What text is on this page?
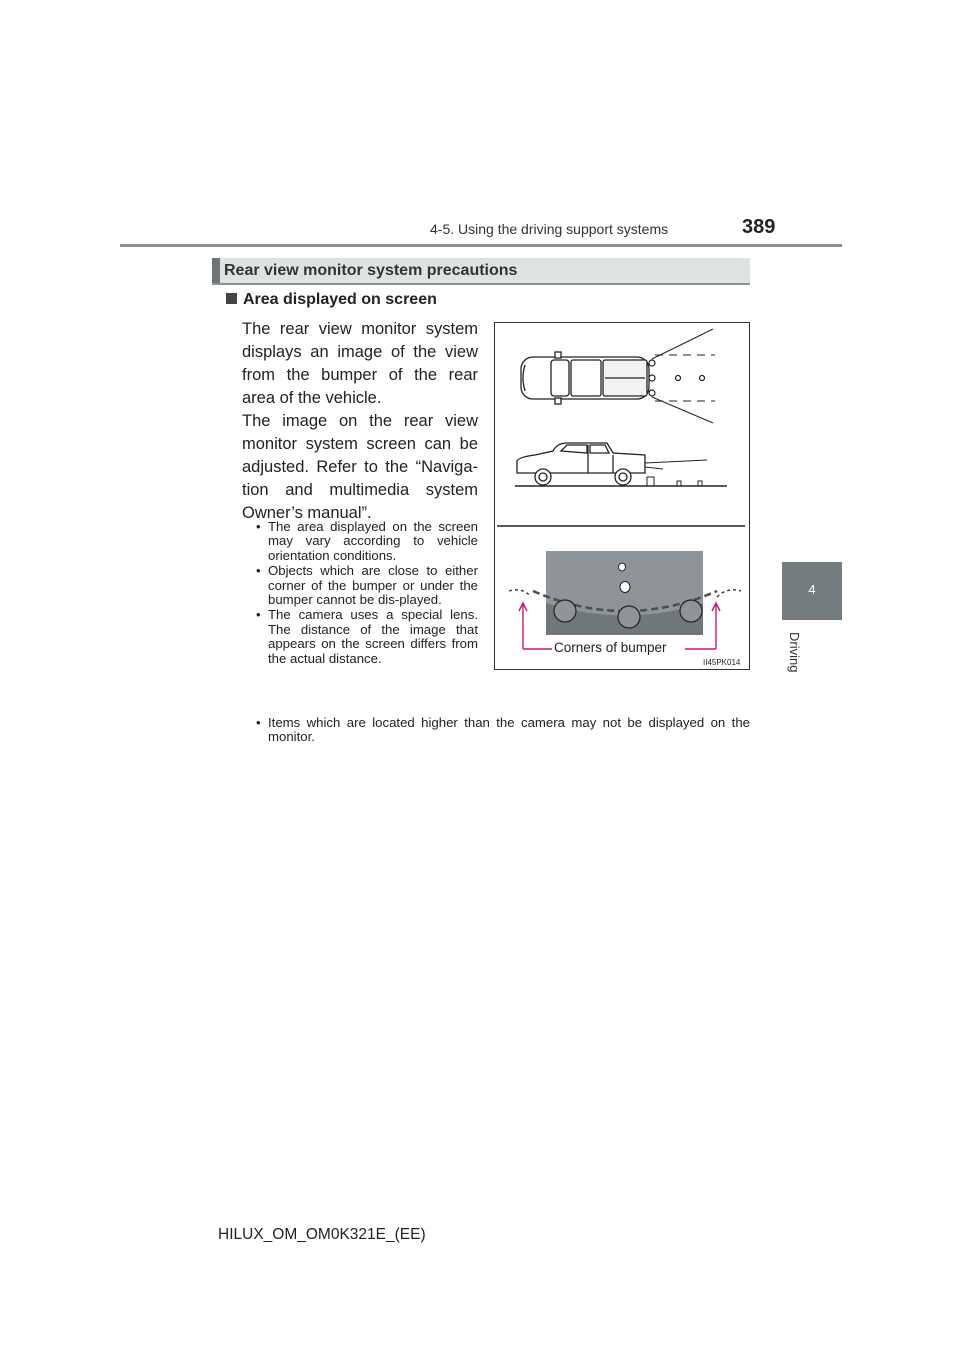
4-5. Using the driving support systems	389
4
Driving
Rear view monitor system precautions
Area displayed on screen
The rear view monitor system
displays an image of the view
from the bumper of the rear
area of the vehicle.
The image on the rear view
monitor system screen can be
adjusted. Refer to the “Naviga-
tion and multimedia system
Owner’s manual”.
• The area displayed on the screen may vary according to vehicle orientation conditions.
• Objects which are close to either corner of the bumper or under the bumper cannot be dis-played.
• The camera uses a special lens. The distance of the image that appears on the screen differs from the actual distance.
• Items which are located higher than the camera may not be displayed on the monitor.
Corners of bumper
II45PK014
HILUX_OM_OM0K321E_(EE)
